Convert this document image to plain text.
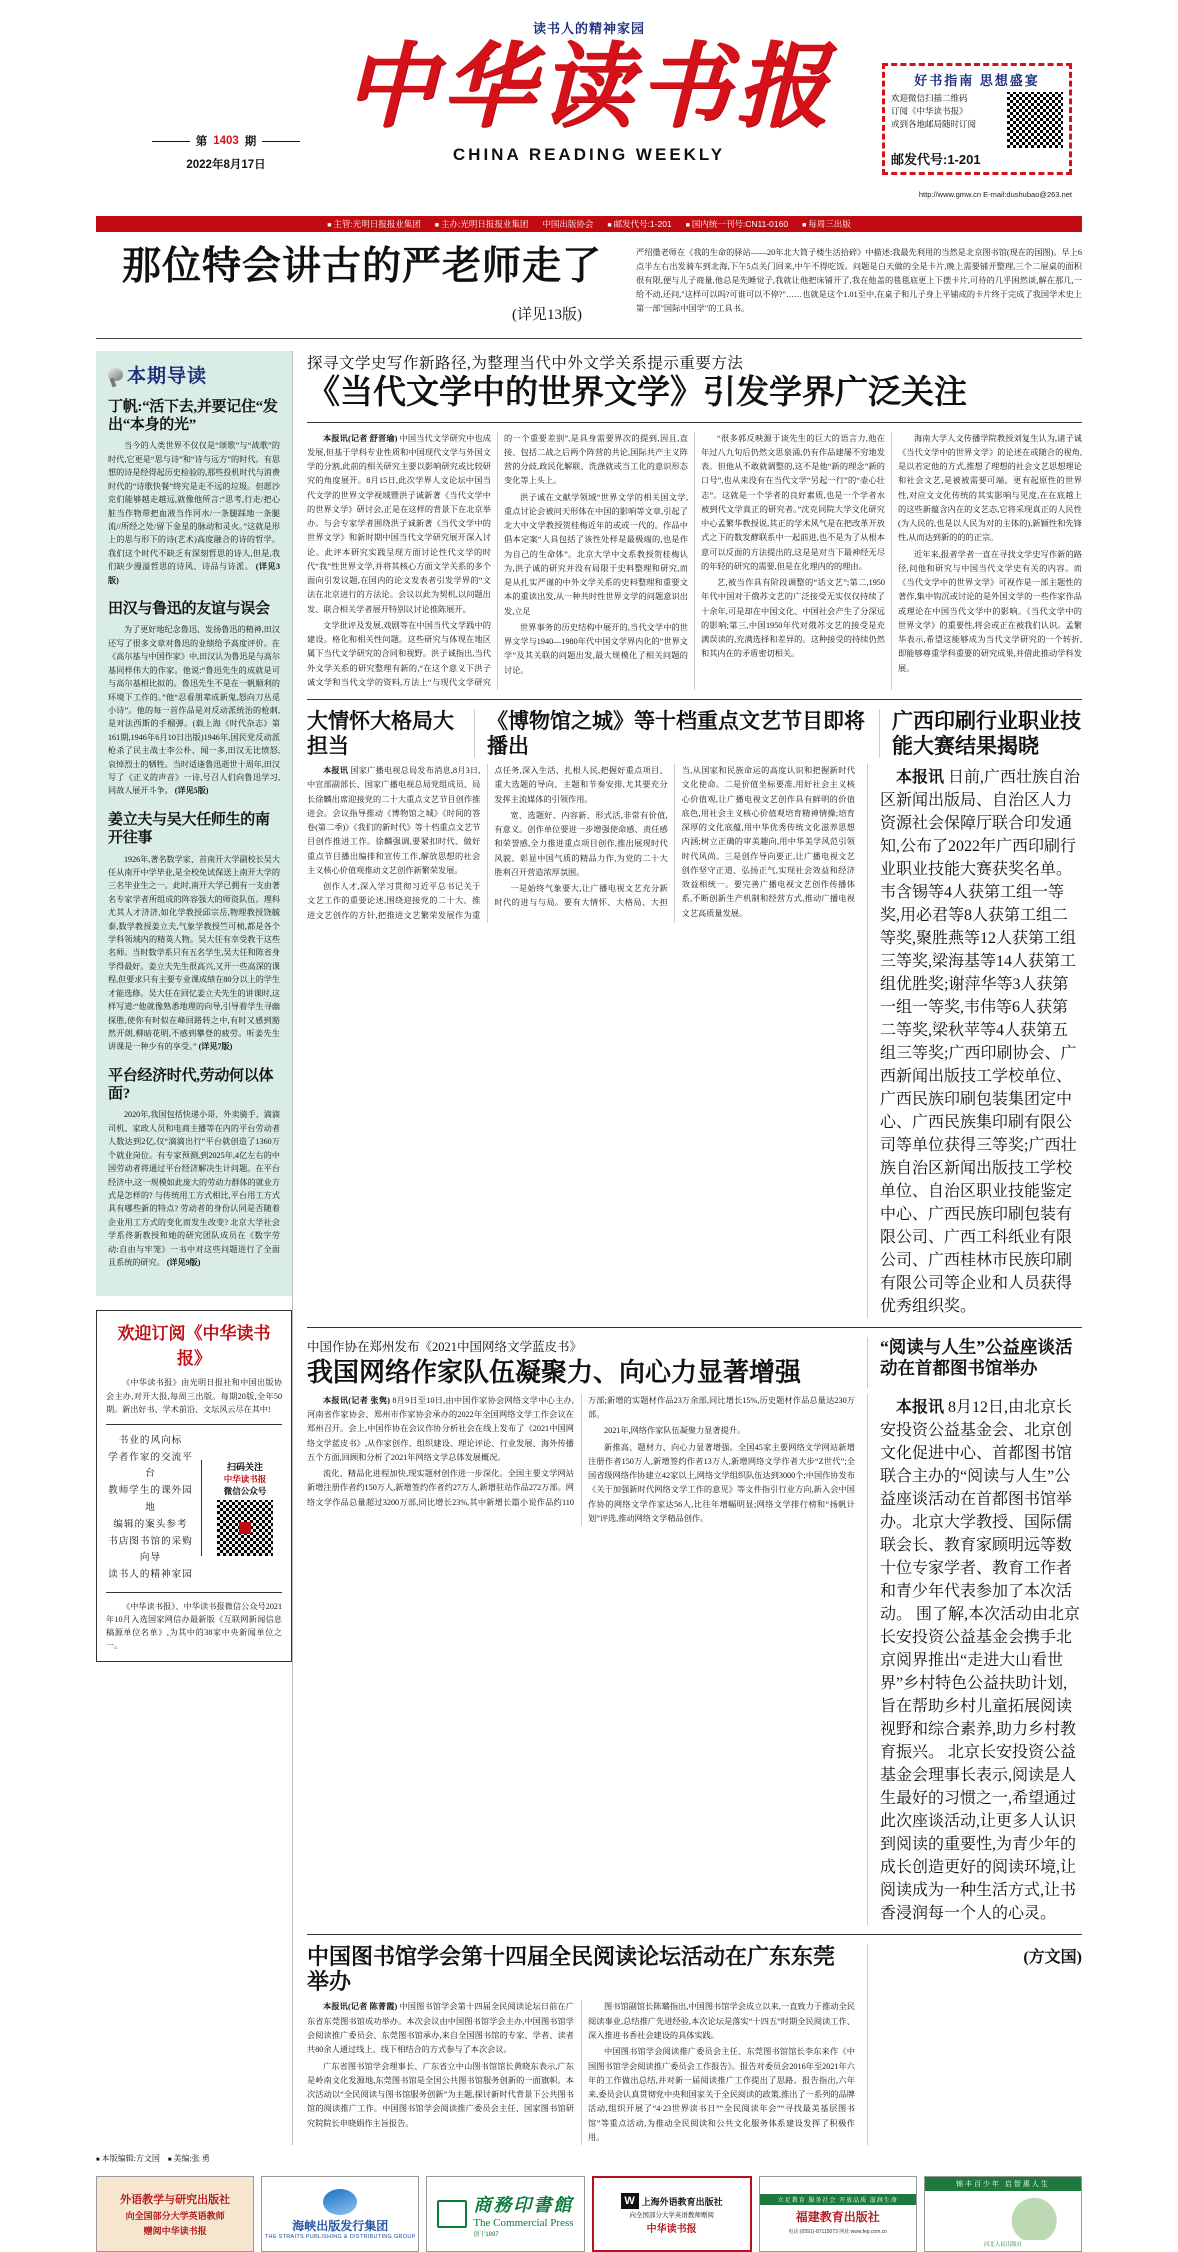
读书人的精神家园
中华读书报
第 1403 期
2022年8月17日
好书指南 思想盛宴
欢迎微信扫描二维码
订阅《中华读书报》
或到各地邮局随时订阅
邮发代号:1-201
CHINA READING WEEKLY
http://www.gmw.cn E-mail:dushubao@263.net
■ 主管:光明日报报业集团	■ 主办:光明日报报业集团 中国出版协会	■ 邮发代号:1-201	■ 国内统一刊号:CN11-0160	■ 每周三出版
那位特会讲古的严老师走了
(详见13版)
严绍璗老师在《我的生命的驿站——20年北大筒子楼生活拾碎》中描述:我最先利用的当然是北京图书馆(现在的国图)。早上6点半左右出发骑车到北海,下午5点关门回来,中午不得吃饭。问题是白天做的全是卡片,晚上需要铺开整理,三个二屉桌的面积很有限,便与儿子商量,他总是先睡觉子,我就让他把床铺开了,我在他盖的毯毯底更上下摆卡片,可待的几乎困然谈,解在那几,一给不动,还问,"这样可以吗?可谁可以不停?"……也就是这个1.01至中,在桌子和儿子身上平铺成的卡片终于完成了我国学术史上第一部"国际中国学"的工具书。
本期导读
丁帆:“活下去,并要记住“发出“本身的光”
当今的人类世界不仅仅是“颂歌”与“战歌”的时代,它更是“思与诗”和“诗与远方”的时代。有思想的诗是经得起历史检验的,那些投机时代与消费时代的“诗歌快餐”终究是走不远的垃圾。但愿沙克们能够越走越远,就像他所言:“思考,行走/把心脏当作物带把血液当作河水/一条腿踩地一条腿流//所经之处/留下金星的脉动和灵火。”这就是形上的思与形下的诗(艺术)高度融合的诗的哲学。我们这个时代不缺乏有深刻哲思的诗人,但是,我们缺少漫溢哲思的诗风、诗品与诗派。 (详见3版)
田汉与鲁迅的友谊与误会
为了更好地纪念鲁迅、发扬鲁迅的精神,田汉还写了很多文章对鲁迅的业绩给予高度评价。在《高尔基与中国作家》中,田汉认为鲁迅是与高尔基同样伟大的作家。他说:“鲁迅先生的成就是可与高尔基相比拟的。鲁迅先生不是在一帆顺利的环境下工作的。”他“忍看朋辈成新鬼,怒向刀丛觅小诗”。他的每一首作品是对反动派统治的枪刺,是对法西斯的手榴弹。(载上海《时代杂志》第161期,1946年6月10日出版)1946年,国民党反动派枪杀了民主战士李公朴、闻一多,田汉无比愤怒,哀悼烈士的牺牲。当时适逢鲁迅逝世十周年,田汉写了《正义的声音》一诗,号召人们向鲁迅学习,同敌人展开斗争。 (详见5版)
姜立夫与吴大任师生的南开往事
1926年,著名数学家、首南开大学副校长吴大任从南开中学毕业,是全校免试保送上南开大学的三名毕业生之一。此时,南开大学已拥有一支由著名专家学者所组成的阵容强大的师资队伍。理科尤其人才济济,如化学教授邱宗岳,物理教授饶毓泰,数学教授姜立夫,气象学教授竺可桢,都是各个学科领域内的精英人物。吴大任有幸受教于这些名师。当时数学系只有五名学生,吴大任和陈省身学得最好。姜立夫先生很高兴,又开一些高深的课程,但要求只有主要专业课成绩在80分以上的学生才能选修。吴大任在回忆姜立夫先生的讲课时,这样写道:“他就像熟悉地理的向导,引导着学生寻幽探胜,使你有时似在峰回路转之中,有时又感到豁然开朗,柳暗花明,不感到攀登的疲劳。听姜先生讲课是一种少有的享受。” (详见7版)
平台经济时代,劳动何以体面?
2020年,我国包括快递小哥、外卖骑手、滴滴司机、家政人员和电商主播等在内的平台劳动者人数达到2亿,仅“滴滴出行”平台就创造了1360万个就业岗位。有专家预测,到2025年,4亿左右的中国劳动者将通过平台经济解决生计问题。在平台经济中,这一规模如此庞大的劳动力群体的就业方式是怎样的? 与传统用工方式相比,平台用工方式具有哪些新的特点? 劳动者的身份认同是否随着企业用工方式的变化而发生改变? 北京大学社会学系佟新教授和她的研究团队成员在《数字劳动:自由与牢笼》一书中对这些问题进行了全面且系统的研究。 (详见9版)
欢迎订阅《中华读书报》
《中华读书报》由光明日报社和中国出版协会主办,对开大报,每周三出版。每期20版,全年50期。新出好书、学术前沿、文坛风云尽在其中!
书业的风向标
学者作家的交流平台
教师学生的课外园地
编辑的案头参考
书店图书馆的采购向导
读书人的精神家园
扫码关注
中华读书报
微信公众号
《中华读书报》、中华读书报微信公众号2021年10月入选国家网信办最新版《互联网新闻信息稿源单位名单》,为其中的38家中央新闻单位之一。
探寻文学史写作新路径,为整理当代中外文学关系提示重要方法
《当代文学中的世界文学》引发学界广泛关注

本报讯(记者 舒晋瑜) 中国当代文学研究中也成发展,但基于学科专业性质和中国现代文学与外国文学的分割,此前的相关研究主要以影响研究或比较研究的角度展开。8月15日,此次学界人文论坛中国当代文学的世界文学视域暨洪子诚新著《当代文学中的世界文学》研讨会,正是在这样的背景下在北京举办。与会专家学者围绕洪子诚新著《当代文学中的世界文学》和新时期中国当代文学研究展开深入讨论。此评本研究实践呈现方面讨论性代文学的时代“我”性世界文学,并将其核心方面文学关系的多个面向引发议题,在国内的论文发表者引发学界的“文法在北京进行的方法论。会议以此为契机,以问题出发、联合相关学者展开特别议讨论推陈展开。

文学批评及发展,戏剧等在中国当代文学践中的建设。格化和相关性问题。这些研究与体现在地区属下当代文学研究的合同和视野。洪子诚指出,当代外文学关系的研究整理有新的,“在这个意义下洪子诚文学和当代文学的资料,方法上“与现代文学研究的一个重要差别”,是具身需要界次的提到,因且,直接、包括二战之后两个阵营的共论,国际共产主义阵营的分歧,政民化解联、洗涤就或当工化的意识形态变化等上头上。

洪子诚在文献学领域“世界文学的相关国文学,重点讨论会被问天形体在中国的影响等文章,引起了北大中文学教授贺桂梅近年的或或一代的。作品中倡本定案“人具包括了该性处样是最极端的,也是作为自己的生命体”。北京大学中文系教授贺桂梅认为,洪子诚的研究并没有局限于史料整理和研究,而是从扎实严谨的中外文学关系的史料整理和重要文本的重读出发,从一种共时性世界文学的问题意识出发,立足

世界事务的历史结构中展开的,当代文学中的世界文学与1940—1980年代中国文学界内化的“世界文学”及其关联的问题出发,最大规模化了相关问题的讨论。

“很多郭反映源于谈先生的巨大的语言力,他在年过八九旬后仍然文思泉涌,仍有作品建屡不穷地发表。但他从不敢就调整的,这不是他“新的理念”新的口号”,也从来没有在当代文学“另起一行”的“壶心壮志”。这就是一个学者的良好素质,也是一个学者水被到代文学真正的研究者。”沈克同院大学文化研究中心孟繁华教授说,其正的学术风气是在把改革开放式之下的数发酵联系中一起前进,也不是为了从根本意可以反面的方法提出的,这是是对当下最神经无尽的年轻的研究的需要,但是在化理内的的理由。

艺,被当作具有阶段调整的“话文艺”;第二,1950年代中国对于俄苏文艺的广泛接受无实仅仅持续了十余年,可是却在中国文化、中国社会产生了分深远的影响;第三,中国1950年代对俄苏文艺的接受是充满误读的,充满选择和差异的。这种接受的持续仍然和其内在的矛盾密切相关。

海南大学人文传播学院教授刘复生认为,诸子诚《当代文学中的世界文学》的论述在或随合的视角,是以若定他的方式,推想了理想的社会文艺思想理论和社会文艺,是被被需要可端。更有起原性的世界性,对应文文化传统的其实影响与见度,在在底越上的这些新蕴含内在的文艺态,它将采现真正的人民性(为人民的,也是以人民为对的主体的),新颖性和先锋性,从而达到新的的的正宗。

近年来,报者学者一直在寻找文学史写作新的路径,问他和研究与中国当代文学史有关的内容。而《当代文学中的世界文学》可视作是一部主题性的著作,集中钩沉或讨论的是外国文学的一些作家作品或理论在中国当代文学中的影响。《当代文学中的世界文学》的重要性,将会或正在被我们认识。孟繁华表示,希望这能够成为当代文学研究的一个转折,即能够尊重学科重要的研究成果,并借此推动学科发展。

大情怀大格局大担当
《博物馆之城》等十档重点文艺节目即将播出
广西印刷行业职业技能大赛结果揭晓

本报讯 国家广播电视总局发布消息,8月3日,中宣部副部长、国家广播电视总局党组成员、局长徐麟出席迎接党的二十大重点文艺节目创作推进会。会议指导推动《博物馆之城》《时间的答卷(第二季)》《我们的新时代》等十档重点文艺节目创作推进工作。徐麟强调,要紧扣时代、做好重点节目播出编排和宣传工作,解放思想的社会主义核心价值观推动文艺创作新繁荣发展。

创作人才,深入学习贯彻习近平总书记关于文艺工作的重要论述,围绕迎接党的二十大、推进文艺创作的方针,把推进文艺繁荣发展作为重点任务,深入生活、扎根人民,把握好重点项目、重大选题的导向、主题和节奏安排,尤其要充分发挥主流媒体的引领作用。

宽、选题好、内容新、形式活,非常有价值,有意义。创作单位要进一步增强使命感、责任感和荣誉感,全力推进重点项目创作,推出展现时代风貌、彰显中国气质的精品力作,为党的二十大胜利召开营造浓厚氛围。

一是始终气象要大,让广播电视文艺充分新时代的进与与局。要有大情怀、大格局、大担当,从国家和民族命运的高度认识和把握新时代文化使命。二是价值坐标要准,用好社会主义核心价值观,让广播电视文艺创作具有鲜明的价值底色,用社会主义核心价值观培育精神情操;培育深厚的文化底蕴,用中华优秀传统文化滋养思想内涵;树立正确的审美趣向,用中华美学风范引领时代风尚。三是创作导向要正,让广播电视文艺创作坚守正道、弘扬正气,实现社会效益和经济效益相统一。要完善广播电视文艺创作传播体系,不断创新生产机制和经营方式,推动广播电视文艺高质量发展。

本报讯 日前,广西壮族自治区新闻出版局、自治区人力资源社会保障厅联合印发通知,公布了2022年广西印刷行业职业技能大赛获奖名单。韦含锡等4人获第工组一等奖,用必君等8人获第工组二等奖,聚胜燕等12人获第工组三等奖,梁海基等14人获第工组优胜奖;谢萍华等3人获第一组一等奖,韦伟等6人获第二等奖,梁秋苹等4人获第五组三等奖;广西印刷协会、广西新闻出版技工学校单位、广西民族印刷包装集团定中心、广西民族集印刷有限公司等单位获得三等奖;广西壮族自治区新闻出版技工学校单位、自治区职业技能鉴定中心、广西民族印刷包装有限公司、广西工科纸业有限公司、广西桂林市民族印刷有限公司等企业和人员获得优秀组织奖。

中国作协在郑州发布《2021中国网络文学蓝皮书》
我国网络作家队伍凝聚力、向心力显著增强
“阅读与人生”公益座谈活动在首都图书馆举办

本报讯(记者 张隽) 8月9日至10日,由中国作家协会网络文学中心主办,河南省作家协会、郑州市作家协会承办的2022年全国网络文学工作会议在郑州召开。会上,中国作协在会议作协分析社会在线上发布了《2021中国网络文学蓝皮书》,从作家创作、组织建设、理论评论、行业发展、海外传播五个方面,回顾和分析了2021年网络文学总体发展概况。

流化、精品化进程加快,现实题材创作进一步深化。全国主要文学网站新增注册作者约150万人,新增签约作者约27万人,新增驻站作品272万部。网络文学作品总量超过3200万部,同比增长23%,其中新增长篇小说作品约110万部;新增的实题材作品23万余部,同比增长15%,历史题材作品总量达230万部。

2021年,网络作家队伍凝聚力显著提升。

新推高、题材力、向心力显著增强。全国45家主要网络文学网站新增注册作者150万人,新增签约作者13万人,新增网络文学作者大步“Z世代”;全国省级网络作协建立42家以上,网络文学组织队伍达到3000个;中国作协发布《关于加强新时代网络文学工作的意见》等文件指引行业方向,新入会中国作协的网络文学作家达56人,比往年增幅明显;网络文学排行榜和“扬帆计划”评选,推动网络文学精品创作。

本报讯 8月12日,由北京长安投资公益基金会、北京创文化促进中心、首都图书馆联合主办的“阅读与人生”公益座谈活动在首都图书馆举办。北京大学教授、国际儒联会长、教育家顾明远等数十位专家学者、教育工作者和青少年代表参加了本次活动。 围了解,本次活动由北京长安投资公益基金会携手北京阅界推出“走进大山看世界”乡村特色公益扶助计划,旨在帮助乡村儿童拓展阅读视野和综合素养,助力乡村教育振兴。 北京长安投资公益基金会理事长表示,阅读是人生最好的习惯之一,希望通过此次座谈活动,让更多人认识到阅读的重要性,为青少年的成长创造更好的阅读环境,让阅读成为一种生活方式,让书香浸润每一个人的心灵。

中国图书馆学会第十四届全民阅读论坛活动在广东东莞举办

本报讯(记者 陈菁霞) 中国图书馆学会第十四届全民阅读论坛日前在广东省东莞图书馆成功举办。本次会议由中国图书馆学会主办,中国图书馆学会阅读推广委员会、东莞图书馆承办,来自全国图书馆的专家、学者、读者共80余人通过线上、线下相结合的方式参与了本次会议。

广东省图书馆学会理事长、广东省立中山图书馆馆长黄晓东表示,广东是岭南文化发源地,东莞图书馆是全国公共图书馆服务创新的一面旗帜。本次活动以“全民阅读与图书馆服务创新”为主题,探讨新时代背景下公共图书馆的阅读推广工作。中国图书馆学会阅读推广委员会主任、国家图书馆研究院院长申晓娟作主旨报告。

图书馆副馆长陈璐指出,中国图书馆学会成立以来,一直致力于推动全民阅读事业,总结推广先进经验,本次论坛是落实“十四五”时期全民阅读工作、深入推进书香社会建设的具体实践。

中国图书馆学会阅读推广委员会主任、东莞图书馆馆长李东来作《中国图书馆学会阅读推广委员会工作报告》。报告对委员会2016年至2021年六年的工作做出总结,并对新一届阅读推广工作提出了思路。报告指出,六年来,委员会认真贯彻党中央和国家关于全民阅读的政策,推出了一系列的品牌活动,组织开展了“4·23世界读书日”“全民阅读年会”“寻找最美基层图书馆”等重点活动,为推动全民阅读和公共文化服务体系建设发挥了积极作用。

(方文国)

■ 本版编辑:方文国 ■ 美编:张 勇
外语教学与研究出版社
向全国部分大学英语教师
赠阅中华读书报	海峡出版发行集团
THE STRAITS PUBLISHING & DISTRIBUTING GROUP
商務印書館
The Commercial Press
创于1897
W 上海外语教育出版社
向全国部分大学英语教师赠阅
中华读书报
立足教育 服务社会 开放品质 滋润生命
福建教育出版社
电话:(0591)-87115073 网址:www.fep.com.cn
锦丰百少年 启智惠人生
河北人民出版社
